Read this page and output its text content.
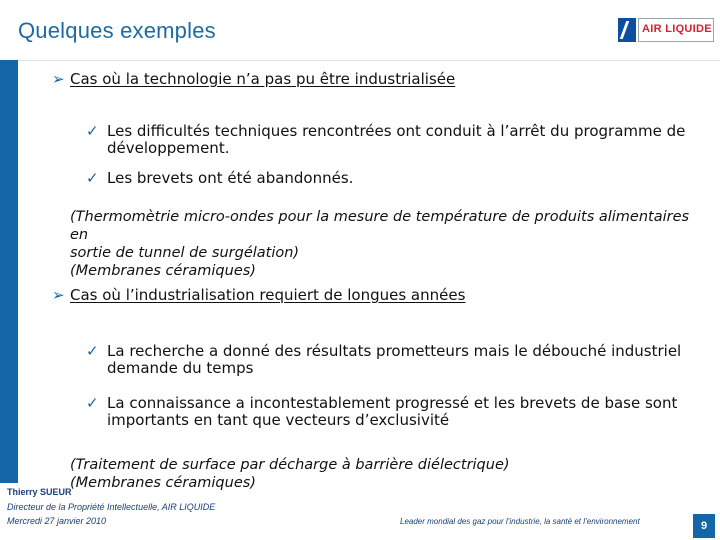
Quelques exemples	AIR LIQUIDE
➢ Cas où la technologie n’a pas pu être industrialisée
✓ Les difficultés techniques rencontrées ont conduit à l’arrêt du programme de développement.
✓ Les brevets ont été abandonnés.
(Thermomètrie micro-ondes pour la mesure de température de produits alimentaires en
sortie de tunnel de surgélation)
(Membranes céramiques)
➢ Cas où l’industrialisation requiert de longues années
✓ La recherche a donné des résultats prometteurs mais le débouché industriel demande du temps
✓ La connaissance a incontestablement progressé et les brevets de base sont importants en tant que vecteurs d’exclusivité
(Traitement de surface par décharge à barrière diélectrique)
(Membranes céramiques)
Thierry SUEUR
Directeur de la Propriété Intellectuelle, AIR LIQUIDE
Mercredi 27 janvier 2010	Leader mondial des gaz pour l’industrie, la santé et l’environnement	9
